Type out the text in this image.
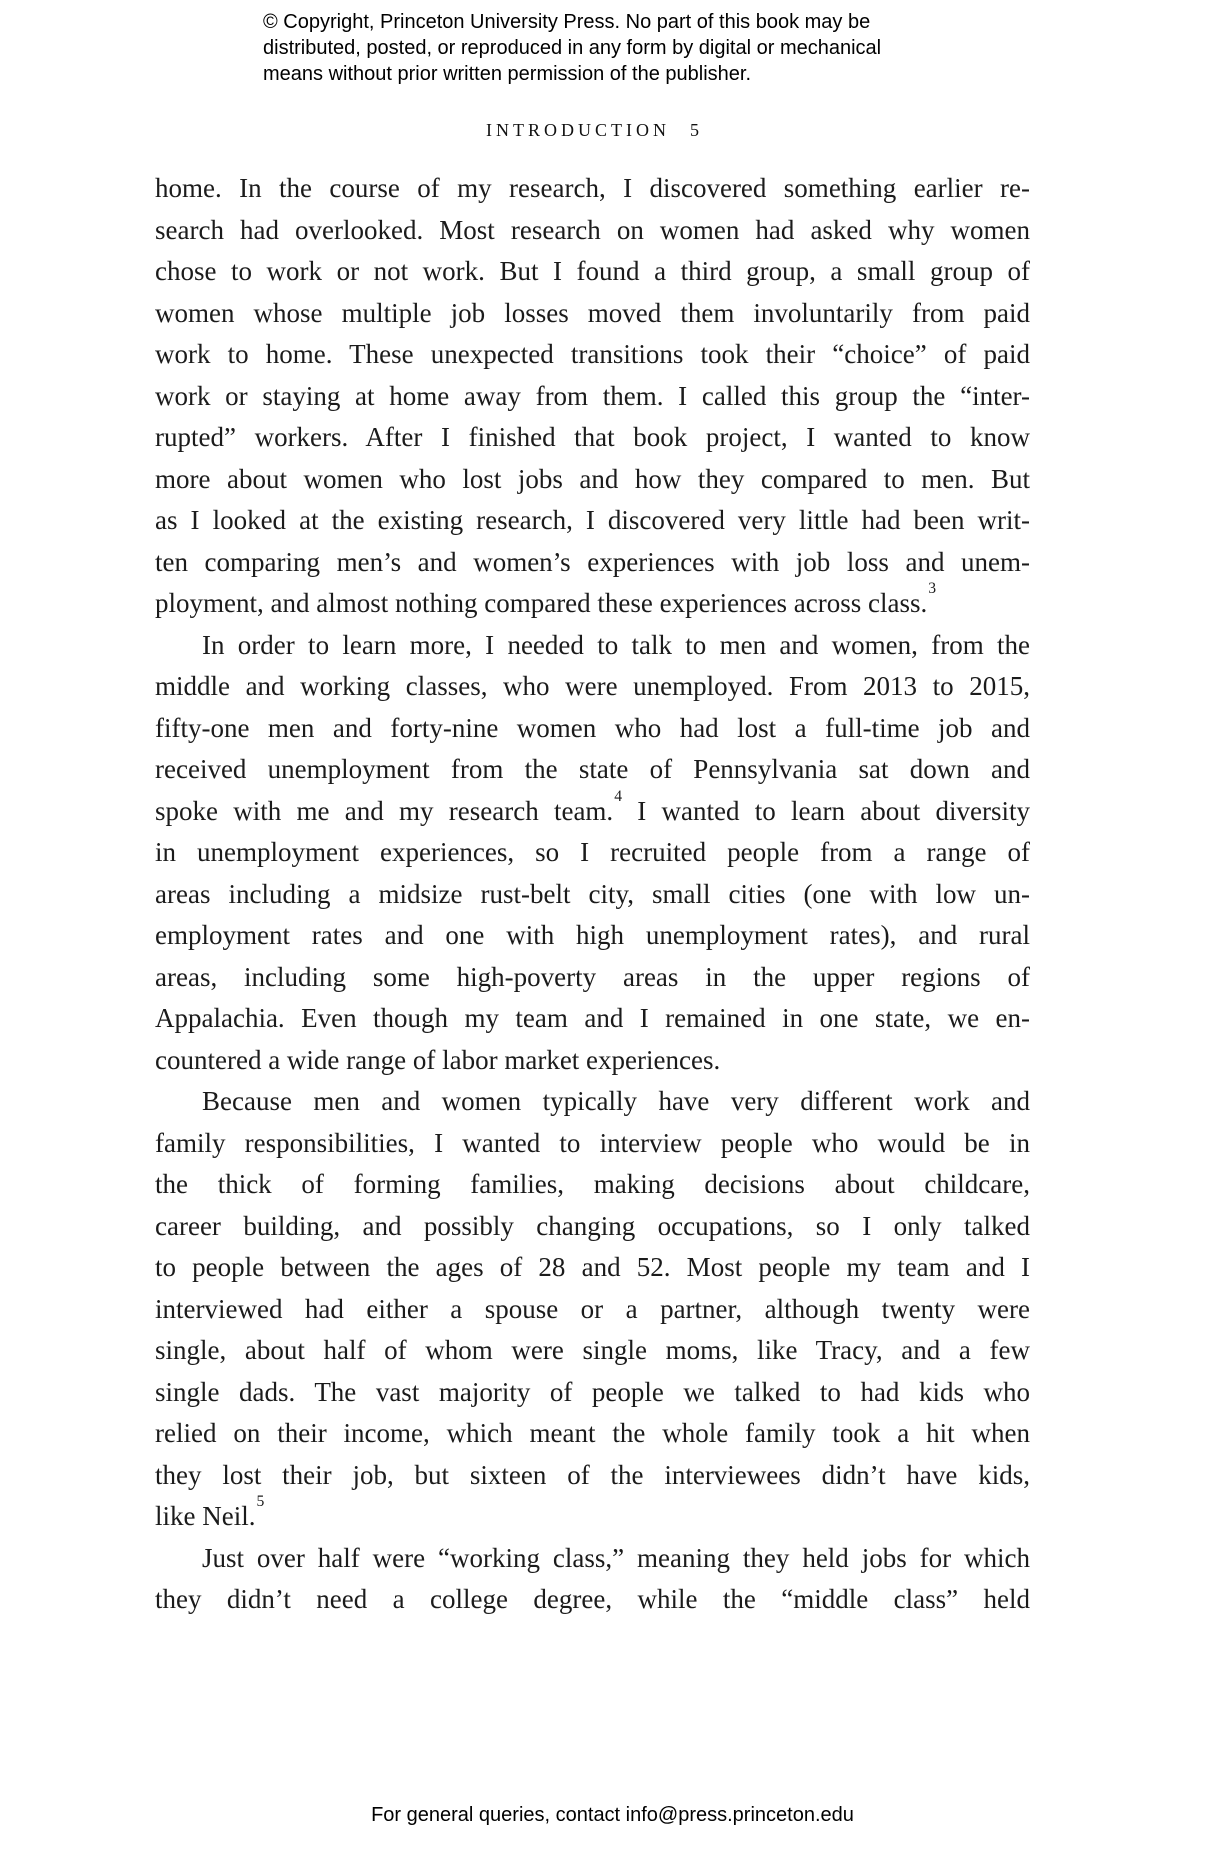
© Copyright, Princeton University Press. No part of this book may be
distributed, posted, or reproduced in any form by digital or mechanical
means without prior written permission of the publisher.
INTRODUCTION 5
home. In the course of my research, I discovered something earlier re-
search had overlooked. Most research on women had asked why women
chose to work or not work. But I found a third group, a small group of
women whose multiple job losses moved them involuntarily from paid
work to home. These unexpected transitions took their “choice” of paid
work or staying at home away from them. I called this group the “inter-
rupted” workers. After I finished that book project, I wanted to know
more about women who lost jobs and how they compared to men. But
as I looked at the existing research, I discovered very little had been writ-
ten comparing men’s and women’s experiences with job loss and unem-
ployment, and almost nothing compared these experiences across class.$^3$
In order to learn more, I needed to talk to men and women, from the
middle and working classes, who were unemployed. From 2013 to 2015,
fifty-one men and forty-nine women who had lost a full-time job and
received unemployment from the state of Pennsylvania sat down and
spoke with me and my research team.$^4$ I wanted to learn about diversity
in unemployment experiences, so I recruited people from a range of
areas including a midsize rust-belt city, small cities (one with low un-
employment rates and one with high unemployment rates), and rural
areas, including some high-poverty areas in the upper regions of
Appalachia. Even though my team and I remained in one state, we en-
countered a wide range of labor market experiences.
Because men and women typically have very different work and
family responsibilities, I wanted to interview people who would be in
the thick of forming families, making decisions about childcare,
career building, and possibly changing occupations, so I only talked
to people between the ages of 28 and 52. Most people my team and I
interviewed had either a spouse or a partner, although twenty were
single, about half of whom were single moms, like Tracy, and a few
single dads. The vast majority of people we talked to had kids who
relied on their income, which meant the whole family took a hit when
they lost their job, but sixteen of the interviewees didn’t have kids,
like Neil.$^5$
Just over half were “working class,” meaning they held jobs for which
they didn’t need a college degree, while the “middle class” held
For general queries, contact info@press.princeton.edu
